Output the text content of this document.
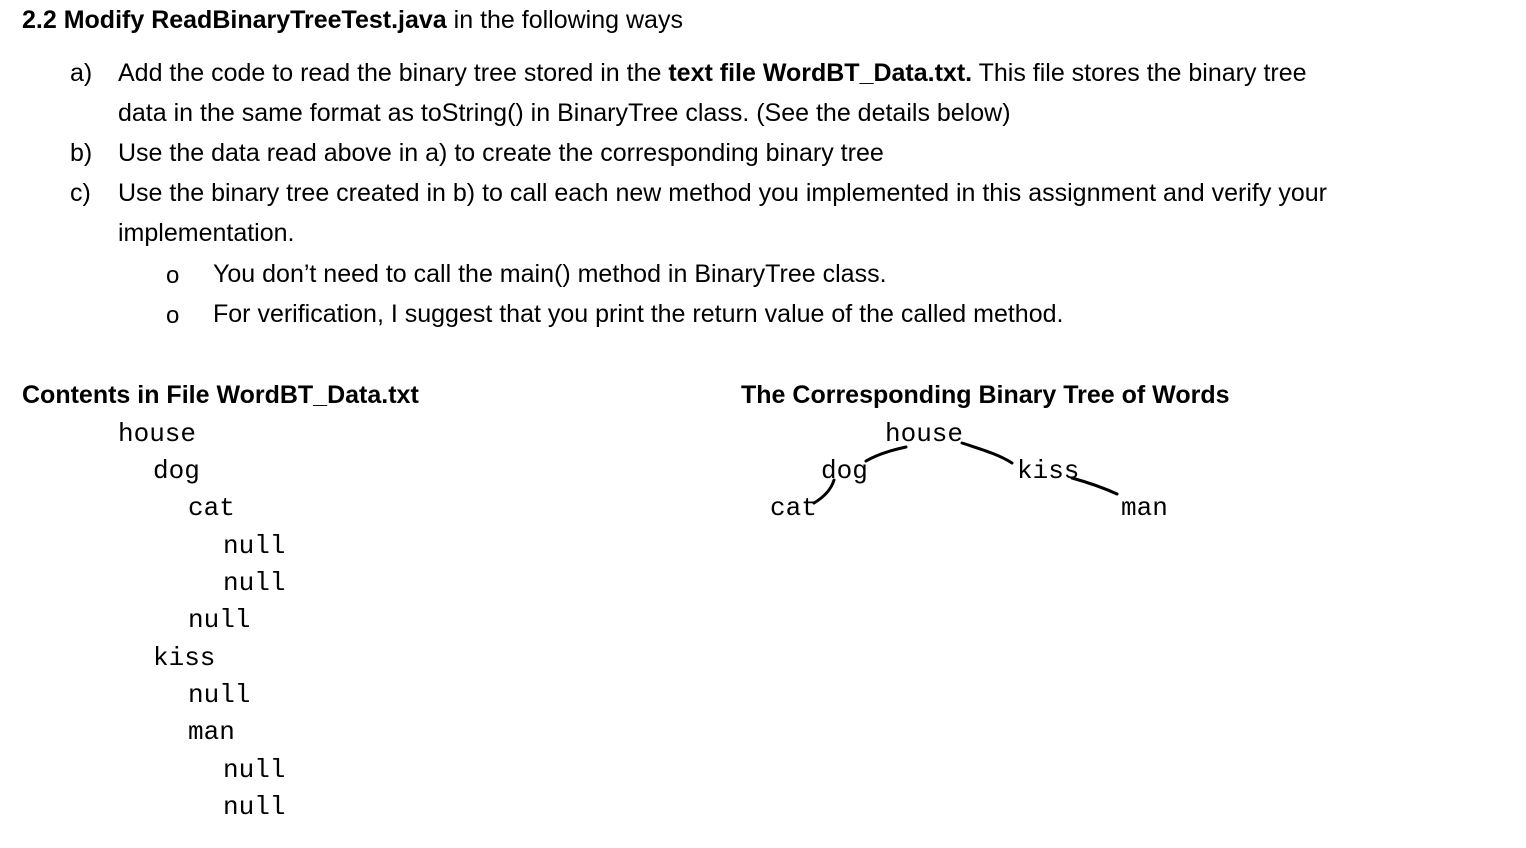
2.2 Modify ReadBinaryTreeTest.java in the following ways
a) Add the code to read the binary tree stored in the text file WordBT_Data.txt. This file stores the binary tree
data in the same format as toString() in BinaryTree class. (See the details below)
b) Use the data read above in a) to create the corresponding binary tree
c) Use the binary tree created in b) to call each new method you implemented in this assignment and verify your
implementation.
o You don’t need to call the main() method in BinaryTree class.
o For verification, I suggest that you print the return value of the called method.
Contents in File WordBT_Data.txt
house
dog
cat
null
null
null
kiss
null
man
null
null
The Corresponding Binary Tree of Words
house
dog
cat
kiss
man
